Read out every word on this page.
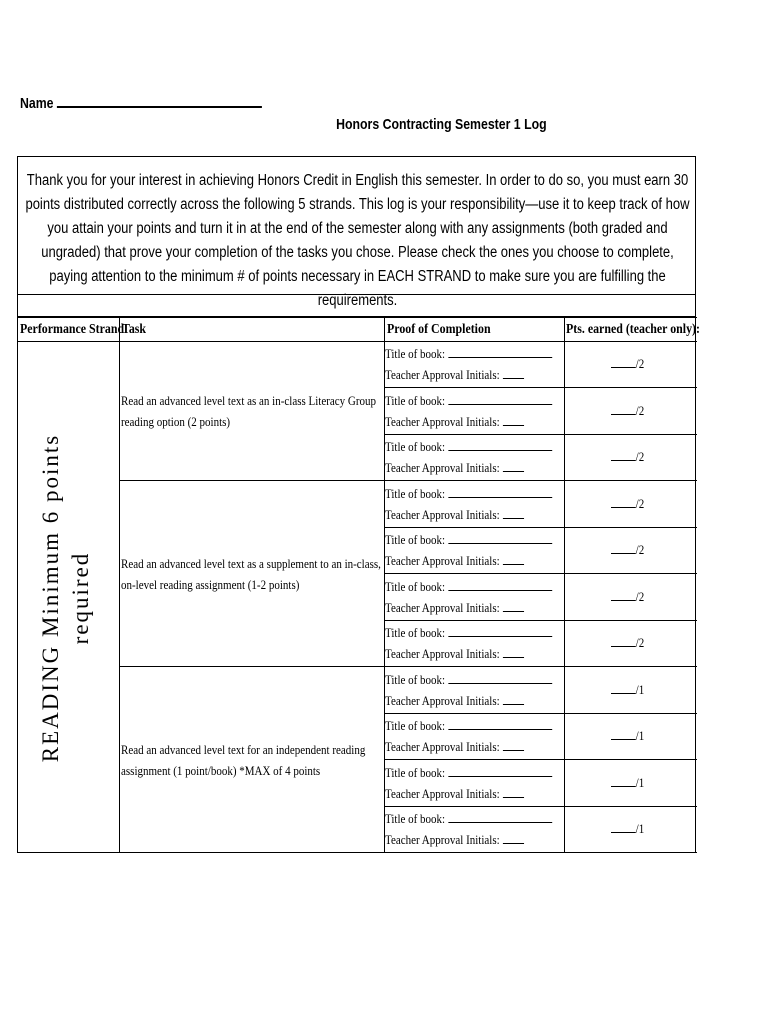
Name
Honors Contracting Semester 1 Log
Thank you for your interest in achieving Honors Credit in English this semester. In order to do so, you must earn 30 points distributed correctly across the following 5 strands. This log is your responsibility—use it to keep track of how you attain your points and turn it in at the end of the semester along with any assignments (both graded and ungraded) that prove your completion of the tasks you chose. Please check the ones you choose to complete, paying attention to the minimum # of points necessary in EACH STRAND to make sure you are fulfilling the requirements.
Performance Strand
Task	Proof of Completion	Pts. earned (teacher only):
READING Minimum 6 points required
Read an advanced level text as an in-class Literacy Group reading option (2 points)
Read an advanced level text as a supplement to an in-class, on-level reading assignment (1-2 points)
Read an advanced level text for an independent reading assignment (1 point/book) *MAX of 4 points
Title of book:
Teacher Approval Initials:
/2
Title of book:
Teacher Approval Initials:
/2
Title of book:
Teacher Approval Initials:
/2
Title of book:
Teacher Approval Initials:
/2
Title of book:
Teacher Approval Initials:
/2
Title of book:
Teacher Approval Initials:
/2
Title of book:
Teacher Approval Initials:
/2
Title of book:
Teacher Approval Initials:
/1
Title of book:
Teacher Approval Initials:
/1
Title of book:
Teacher Approval Initials:
/1
Title of book:
Teacher Approval Initials:
/1
